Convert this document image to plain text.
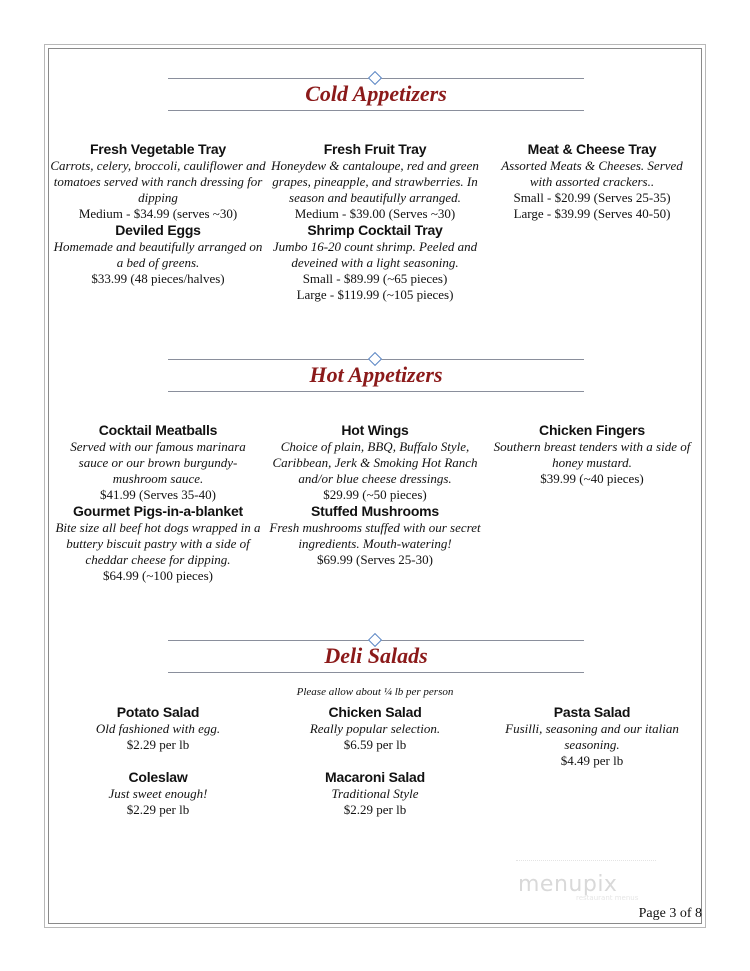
Cold Appetizers
Fresh Vegetable Tray
Carrots, celery, broccoli, cauliflower and tomatoes served with ranch dressing for dipping
Medium - $34.99 (serves ~30)
Fresh Fruit Tray
Honeydew & cantaloupe, red and green grapes, pineapple, and strawberries. In season and beautifully arranged.
Medium - $39.00 (Serves ~30)
Meat & Cheese Tray
Assorted Meats & Cheeses. Served with assorted crackers..
Small - $20.99 (Serves 25-35)
Large - $39.99 (Serves 40-50)
Deviled Eggs
Homemade and beautifully arranged on a bed of greens.
$33.99 (48 pieces/halves)
Shrimp Cocktail Tray
Jumbo 16-20 count shrimp. Peeled and deveined with a light seasoning.
Small - $89.99 (~65 pieces)
Large - $119.99 (~105 pieces)
Hot Appetizers
Cocktail Meatballs
Served with our famous marinara sauce or our brown burgundy-mushroom sauce.
$41.99 (Serves 35-40)
Hot Wings
Choice of plain, BBQ, Buffalo Style, Caribbean, Jerk & Smoking Hot Ranch and/or blue cheese dressings.
$29.99 (~50 pieces)
Chicken Fingers
Southern breast tenders with a side of honey mustard.
$39.99 (~40 pieces)
Gourmet Pigs-in-a-blanket
Bite size all beef hot dogs wrapped in a buttery biscuit pastry with a side of cheddar cheese for dipping.
$64.99 (~100 pieces)
Stuffed Mushrooms
Fresh mushrooms stuffed with our secret ingredients. Mouth-watering!
$69.99 (Serves 25-30)
Deli Salads
Please allow about ¼ lb per person
Potato Salad
Old fashioned with egg.
$2.29 per lb
Chicken Salad
Really popular selection.
$6.59 per lb
Pasta Salad
Fusilli, seasoning and our italian seasoning.
$4.49 per lb
Coleslaw
Just sweet enough!
$2.29 per lb
Macaroni Salad
Traditional Style
$2.29 per lb
menupix
restaurant menus
Page 3 of 8
